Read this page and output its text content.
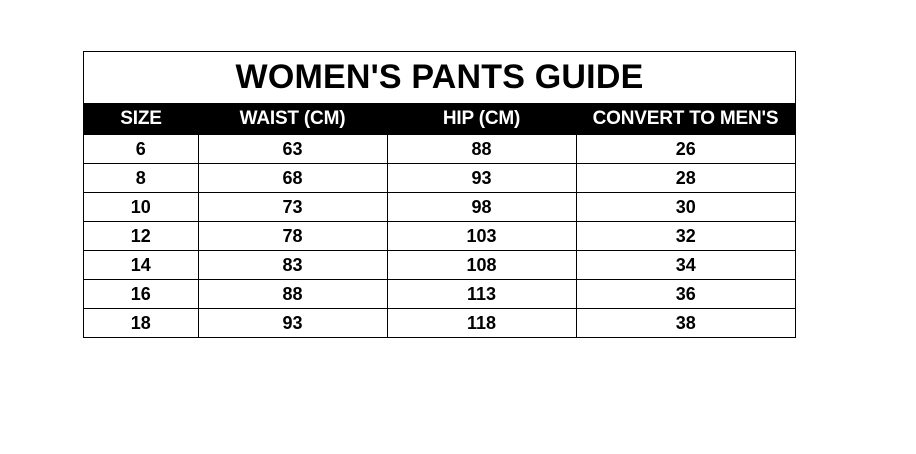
WOMEN'S PANTS GUIDE
SIZE	WAIST (CM)	HIP (CM)	CONVERT TO MEN'S
6	63	88	26
8	68	93	28
10	73	98	30
12	78	103	32
14	83	108	34
16	88	113	36
18	93	118	38
